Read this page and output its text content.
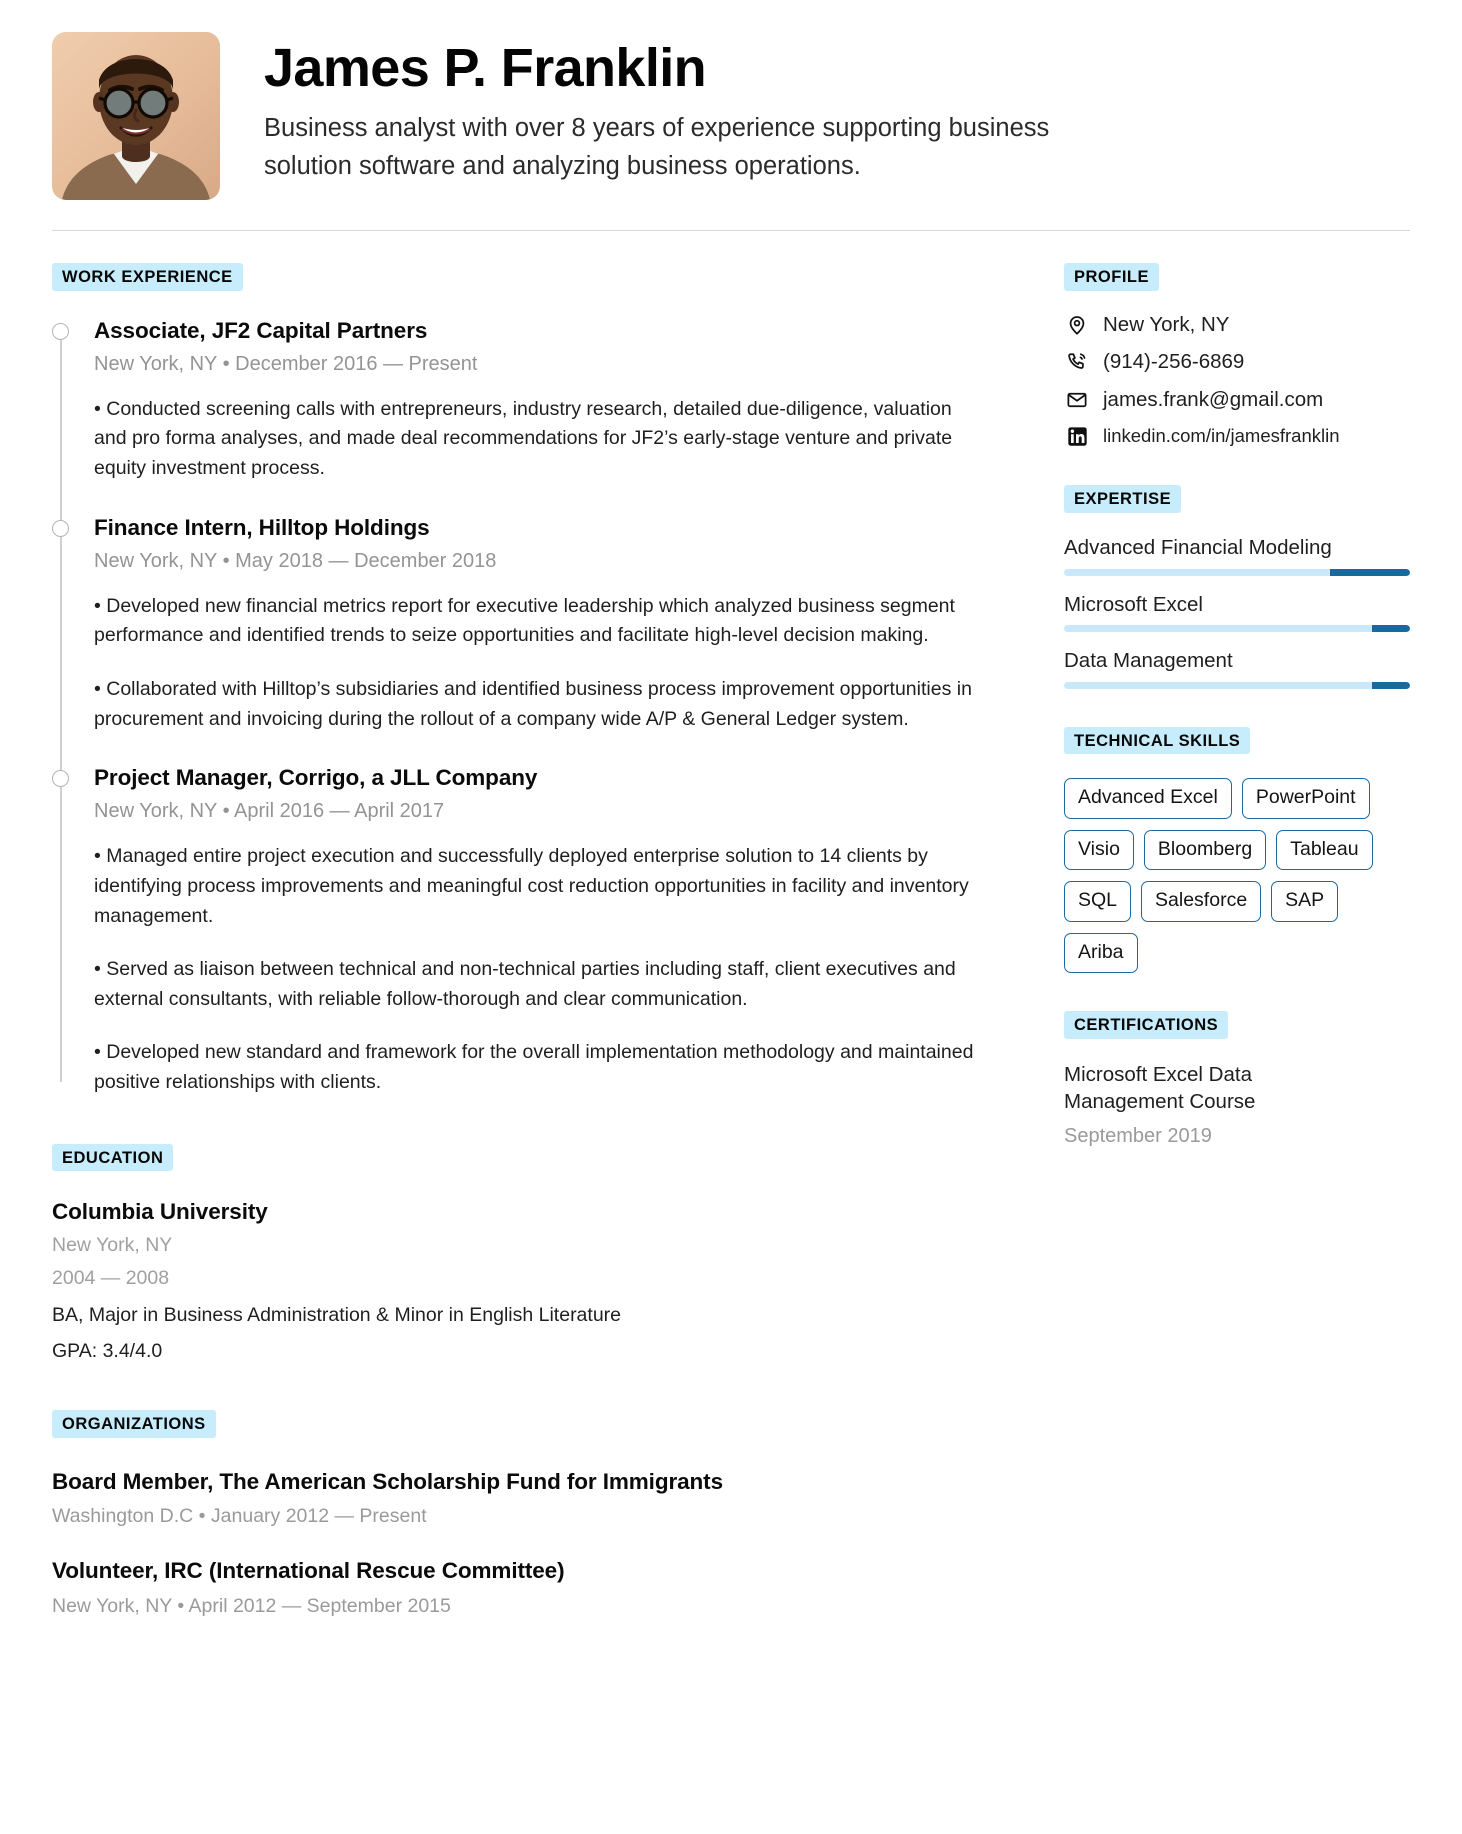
James P. Franklin
Business analyst with over 8 years of experience supporting business solution software and analyzing business operations.
WORK EXPERIENCE
Associate, JF2 Capital Partners
New York, NY • December 2016 — Present
• Conducted screening calls with entrepreneurs, industry research, detailed due-diligence, valuation and pro forma analyses, and made deal recommendations for JF2’s early-stage venture and private equity investment process.
Finance Intern, Hilltop Holdings
New York, NY • May 2018 — December 2018
• Developed new financial metrics report for executive leadership which analyzed business segment performance and identified trends to seize opportunities and facilitate high-level decision making.
• Collaborated with Hilltop’s subsidiaries and identified business process improvement opportunities in procurement and invoicing during the rollout of a company wide A/P & General Ledger system.
Project Manager, Corrigo, a JLL Company
New York, NY • April 2016 — April 2017
• Managed entire project execution and successfully deployed enterprise solution to 14 clients by identifying process improvements and meaningful cost reduction opportunities in facility and inventory management.
• Served as liaison between technical and non-technical parties including staff, client executives and external consultants, with reliable follow-thorough and clear communication.
• Developed new standard and framework for the overall implementation methodology and maintained positive relationships with clients.
EDUCATION
Columbia University
New York, NY
2004 — 2008
BA, Major in Business Administration & Minor in English Literature
GPA: 3.4/4.0
ORGANIZATIONS
Board Member, The American Scholarship Fund for Immigrants
Washington D.C • January 2012 — Present
Volunteer, IRC (International Rescue Committee)
New York, NY • April 2012 — September 2015
PROFILE
New York, NY
(914)-256-6869
james.frank@gmail.com
linkedin.com/in/jamesfranklin
EXPERTISE
Advanced Financial Modeling
Microsoft Excel
Data Management
TECHNICAL SKILLS
Advanced Excel	PowerPoint
Visio	Bloomberg	Tableau
SQL	Salesforce	SAP
Ariba
CERTIFICATIONS
Microsoft Excel Data Management Course
September 2019
